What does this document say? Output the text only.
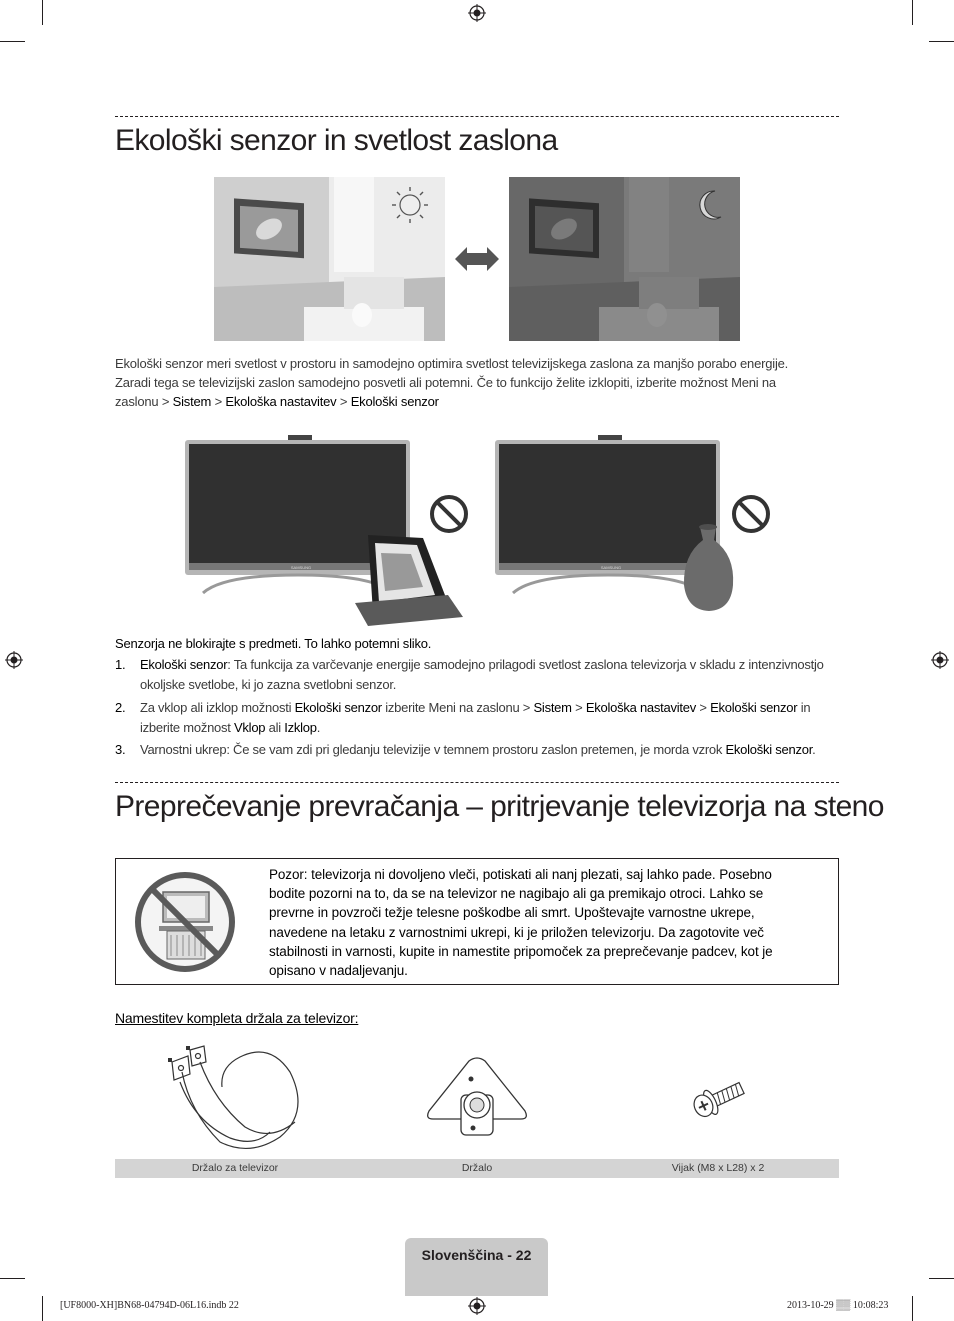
Ekološki senzor in svetlost zaslona
Ekološki senzor meri svetlost v prostoru in samodejno optimira svetlost televizijskega zaslona za manjšo porabo energije.
Zaradi tega se televizijski zaslon samodejno posvetli ali potemni. Če to funkcijo želite izklopiti, izberite možnost Meni na
zaslonu > Sistem > Ekološka nastavitev > Ekološki senzor
SAMSUNG	SAMSUNG
Senzorja ne blokirajte s predmeti. To lahko potemni sliko.
1. Ekološki senzor: Ta funkcija za varčevanje energije samodejno prilagodi svetlost zaslona televizorja v skladu z intenzivnostjo
okoljske svetlobe, ki jo zazna svetlobni senzor.
2. Za vklop ali izklop možnosti Ekološki senzor izberite Meni na zaslonu > Sistem > Ekološka nastavitev > Ekološki senzor in
izberite možnost Vklop ali Izklop.
3. Varnostni ukrep: Če se vam zdi pri gledanju televizije v temnem prostoru zaslon pretemen, je morda vzrok Ekološki senzor.
Preprečevanje prevračanja – pritrjevanje televizorja na steno
Pozor: televizorja ni dovoljeno vleči, potiskati ali nanj plezati, saj lahko pade. Posebno
bodite pozorni na to, da se na televizor ne nagibajo ali ga premikajo otroci. Lahko se
prevrne in povzroči težje telesne poškodbe ali smrt. Upoštevajte varnostne ukrepe,
navedene na letaku z varnostnimi ukrepi, ki je priložen televizorju. Da zagotovite več
stabilnosti in varnosti, kupite in namestite pripomoček za preprečevanje padcev, kot je
opisano v nadaljevanju.
Namestitev kompleta držala za televizor:
Držalo za televizor	Držalo	Vijak (M8 x L28) x 2
Slovenščina - 22
[UF8000-XH]BN68-04794D-06L16.indb 22	2013-10-29 ▒▒ 10:08:23
